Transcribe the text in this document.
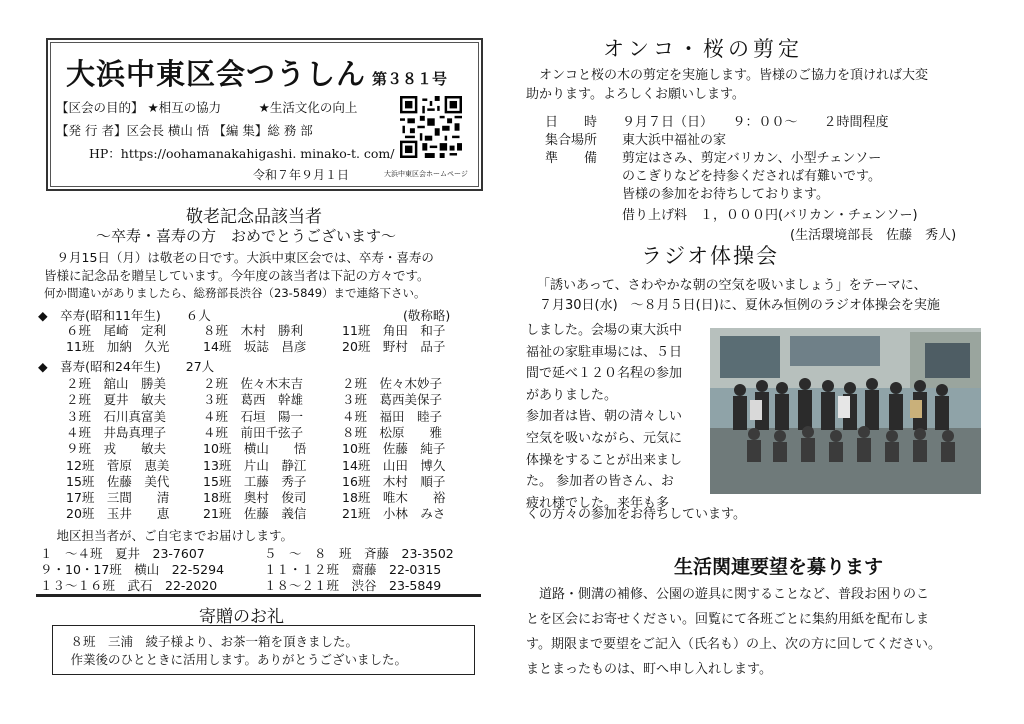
大浜中東区会つうしん 第３８１号
【区会の目的】 ★相互の協力　　　★生活文化の向上
【発 行 者】区会長 横山 悟 【編 集】総 務 部
HP：https://oohamanakahigashi. minako-t. com/
令和７年９月１日	大浜中東区会ホームページ
敬老記念品該当者
～卒寿・喜寿の方　おめでとうございます～
　９月15日（月）は敬老の日です。大浜中東区会では、卒寿・喜寿の
皆様に記念品を贈呈しています。今年度の該当者は下記の方々です。
何か間違いがありましたら、総務部長渋谷（23-5849）まで連絡下さい。
◆　卒寿(昭和11年生)　　６人	(敬称略)
６班　尾崎　定利	８班　木村　勝利	11班　角田　和子
11班　加納　久光	14班　坂誌　昌彦	20班　野村　品子
◆　喜寿(昭和24年生)　　27人
２班　舘山　勝美	２班　佐々木末吉	２班　佐々木妙子
２班　夏井　敏夫	３班　葛西　幹雄	３班　葛西美保子
３班　石川真富美	４班　石垣　陽一	４班　福田　睦子
４班　井島真理子	４班　前田千弦子	８班　松原　　雅
９班　戎　　敏夫	10班　横山　　悟	10班　佐藤　純子
12班　菅原　恵美	13班　片山　静江	14班　山田　博久
15班　佐藤　美代	15班　工藤　秀子	16班　木村　順子
17班　三間　　清	18班　奥村　俊司	18班　唯木　　裕
20班　玉井　　恵	21班　佐藤　義信	21班　小林　みさ
　地区担当者が、ご自宅までお届けします。
１　～４班　夏井　23-7607	５　～　８　班　斉藤　23-3502
９・10・17班　横山　22-5294	１１・１２班　齋藤　22-0315
１３～１６班　武石　22-2020	１８～２１班　渋谷　23-5849
寄贈のお礼
　８班　三浦　綾子様より、お茶一箱を頂きました。
　作業後のひとときに活用します。ありがとうございました。
オンコ・桜の剪定
　オンコと桜の木の剪定を実施します。皆様のご協力を頂ければ大変
助かります。よろしくお願いします。
日　　時 ９月７日（日）　　９：００～　　２時間程度
集合場所 東大浜中福祉の家
準　　備 剪定はさみ、剪定バリカン、小型チェンソー
のこぎりなどを持参くだされば有難いです。
皆様の参加をお待ちしております。
借り上げ料　１，０００円(バリカン・チェンソー)
(生活環境部長　佐藤　秀人)
ラジオ体操会
「誘いあって、さわやかな朝の空気を吸いましょう」をテーマに、
　７月30日(水)　～８月５日(日)に、夏休み恒例のラジオ体操会を実施
しました。会場の東大浜中
福祉の家駐車場には、５日
間で延べ１２０名程の参加
がありました。
参加者は皆、朝の清々しい
空気を吸いながら、元気に
体操をすることが出来まし
た。 参加者の皆さん、お
疲れ様でした。来年も多
くの方々の参加をお待ちしています。
生活関連要望を募ります
　道路・側溝の補修、公園の遊具に関することなど、普段お困りのこ
とを区会にお寄せください。回覧にて各班ごとに集約用紙を配布しま
す。期限まで要望をご記入（氏名も）の上、次の方に回してください。
まとまったものは、町へ申し入れします。
